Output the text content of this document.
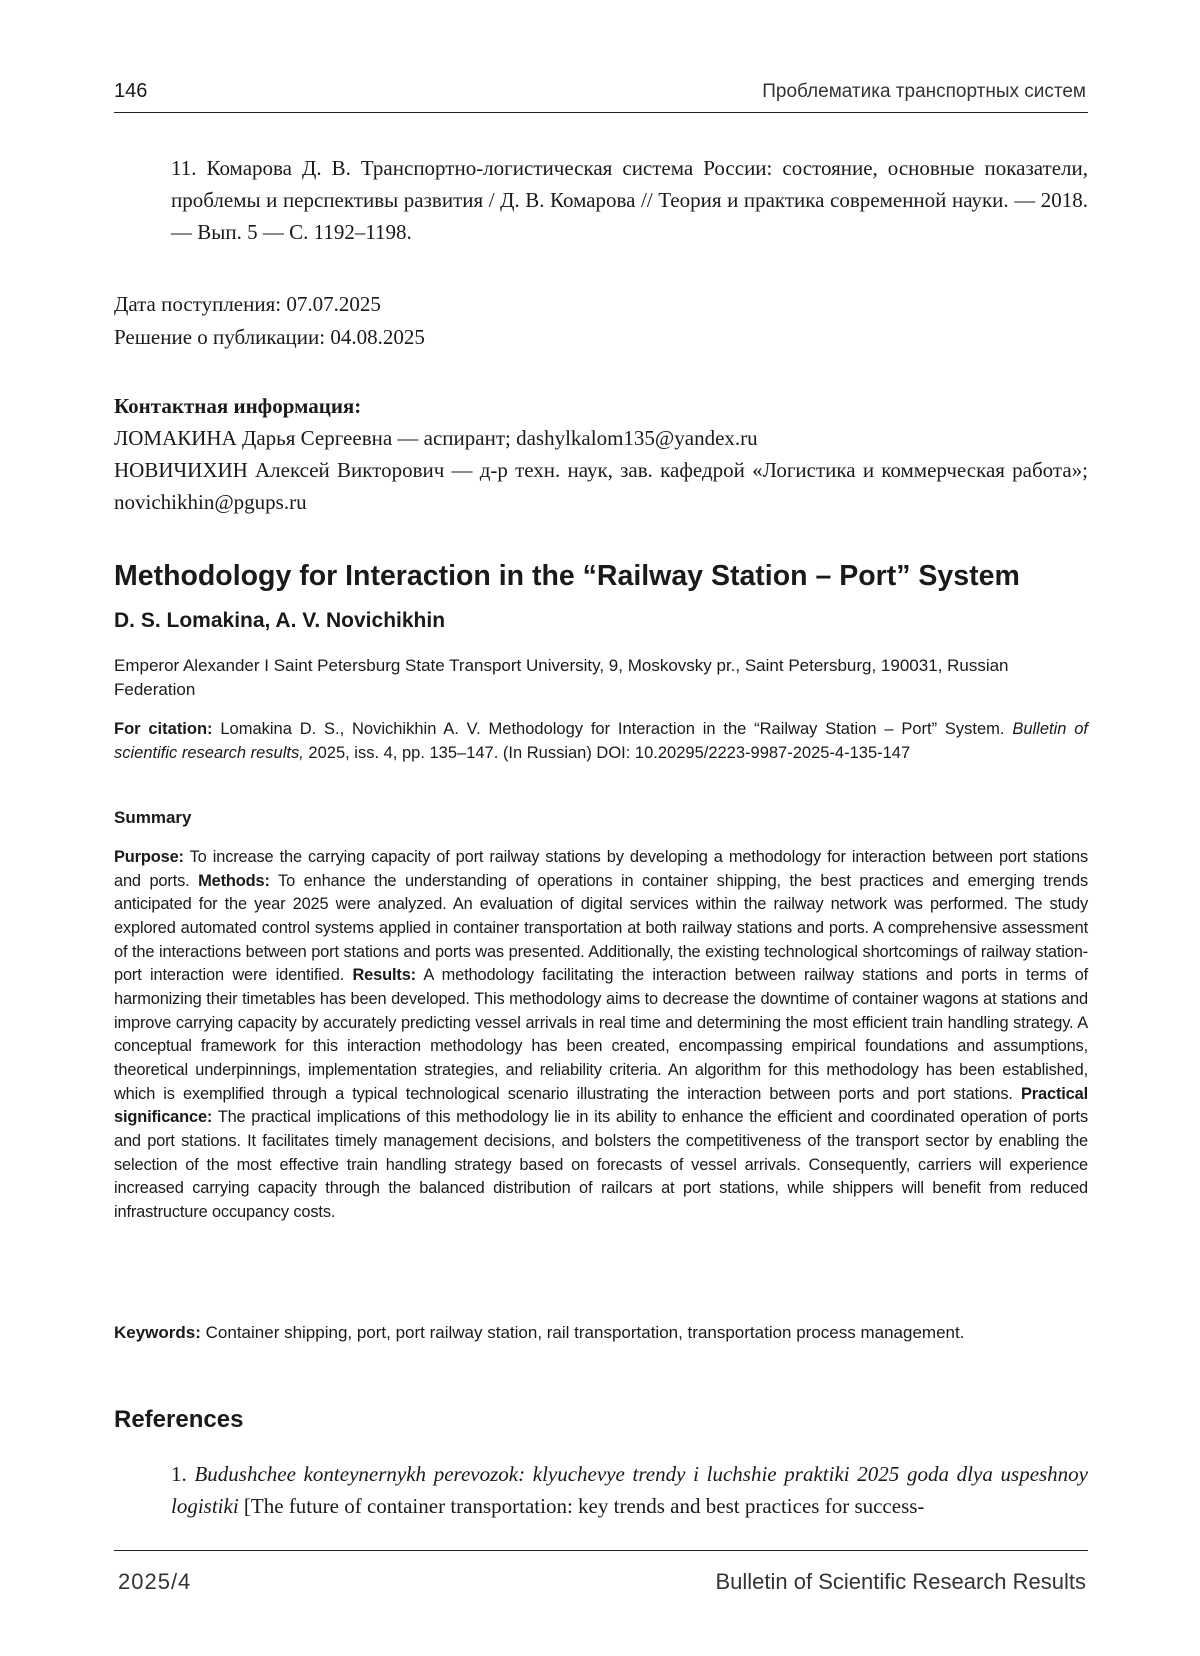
146	Проблематика транспортных систем
11. Комарова Д. В. Транспортно-логистическая система России: состояние, основные показатели, проблемы и перспективы развития / Д. В. Комарова // Теория и практика современной науки. — 2018. — Вып. 5 — С. 1192–1198.
Дата поступления: 07.07.2025
Решение о публикации: 04.08.2025
Контактная информация:
ЛОМАКИНА Дарья Сергеевна — аспирант; dashylkalom135@yandex.ru
НОВИЧИХИН Алексей Викторович — д-р техн. наук, зав. кафедрой «Логистика и коммерческая работа»; novichikhin@pgups.ru
Methodology for Interaction in the “Railway Station – Port” System
D. S. Lomakina, A. V. Novichikhin
Emperor Alexander I Saint Petersburg State Transport University, 9, Moskovsky pr., Saint Petersburg, 190031, Russian Federation
For citation: Lomakina D. S., Novichikhin A. V. Methodology for Interaction in the “Railway Station – Port” System. Bulletin of scientific research results, 2025, iss. 4, pp. 135–147. (In Russian) DOI: 10.20295/2223-9987-2025-4-135-147
Summary
Purpose: To increase the carrying capacity of port railway stations by developing a methodology for interaction between port stations and ports. Methods: To enhance the understanding of operations in container shipping, the best practices and emerging trends anticipated for the year 2025 were analyzed. An evaluation of digital services within the railway network was performed. The study explored automated control systems applied in container transportation at both railway stations and ports. A comprehensive assessment of the interactions between port stations and ports was presented. Additionally, the existing technological shortcomings of railway station-port interaction were identified. Results: A methodology facilitating the interaction between railway stations and ports in terms of harmonizing their timetables has been developed. This methodology aims to decrease the downtime of container wagons at stations and improve carrying capacity by accurately predicting vessel arrivals in real time and determining the most efficient train handling strategy. A conceptual framework for this interaction methodology has been created, encompassing empirical foundations and assumptions, theoretical underpinnings, implementation strategies, and reliability criteria. An algorithm for this methodology has been established, which is exemplified through a typical technological scenario illustrating the interaction between ports and port stations. Practical significance: The practical implications of this methodology lie in its ability to enhance the efficient and coordinated operation of ports and port stations. It facilitates timely management decisions, and bolsters the competitiveness of the transport sector by enabling the selection of the most effective train handling strategy based on forecasts of vessel arrivals. Consequently, carriers will experience increased carrying capacity through the balanced distribution of railcars at port stations, while shippers will benefit from reduced infrastructure occupancy costs.
Keywords: Container shipping, port, port railway station, rail transportation, transportation process management.
References
1. Budushchee konteynernykh perevozok: klyuchevye trendy i luchshie praktiki 2025 goda dlya uspeshnoy logistiki [The future of container transportation: key trends and best practices for success-
2025/4	Bulletin of Scientific Research Results
